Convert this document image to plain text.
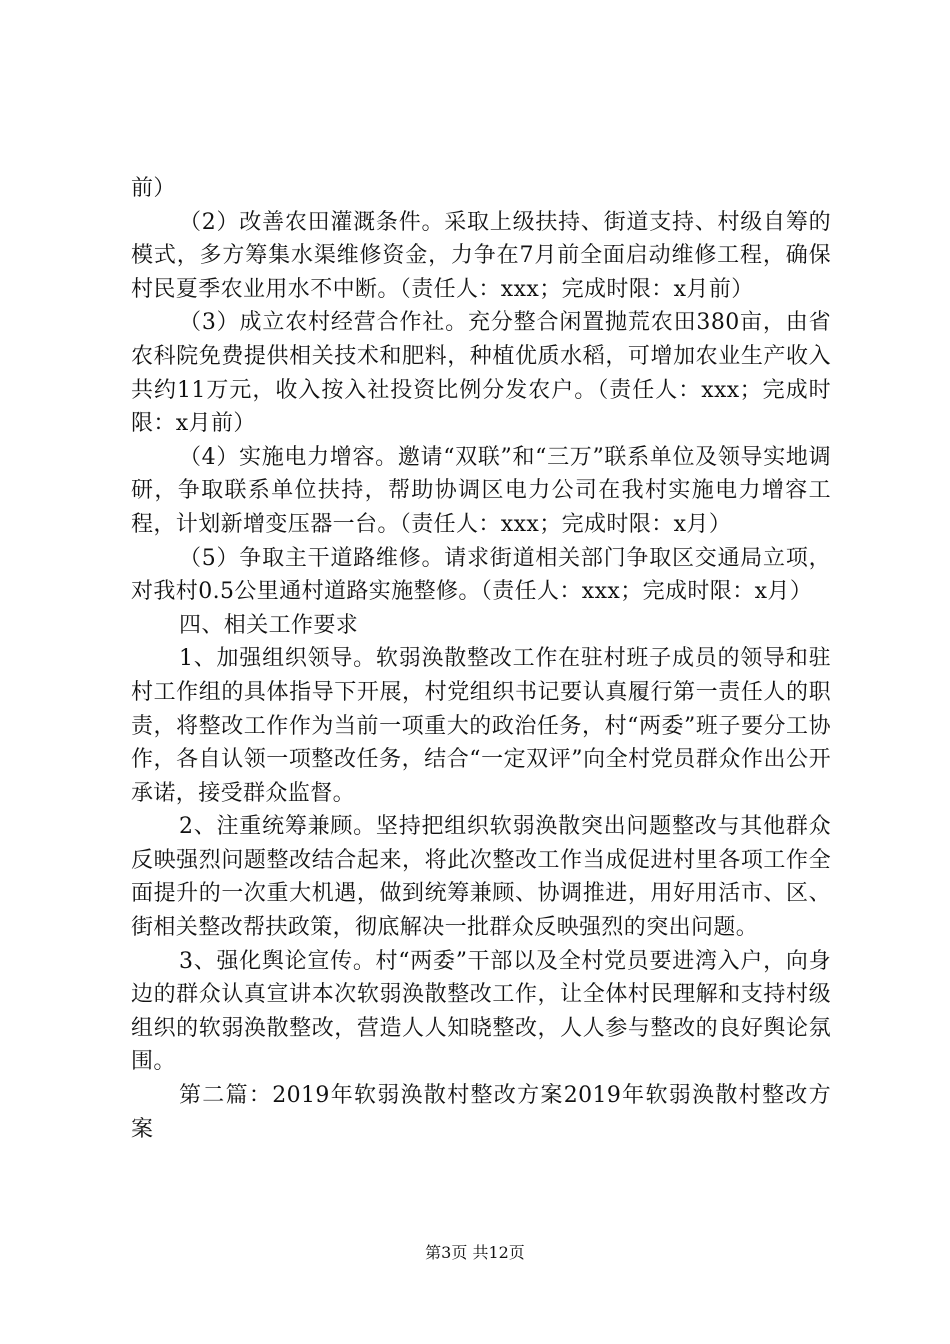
前）

（2）改善农田灌溉条件。采取上级扶持、街道支持、村级自筹的模式，多方筹集水渠维修资金，力争在7月前全面启动维修工程，确保村民夏季农业用水不中断。（责任人：xxx；完成时限：x月前）

（3）成立农村经营合作社。充分整合闲置抛荒农田380亩，由省农科院免费提供相关技术和肥料，种植优质水稻，可增加农业生产收入共约11万元，收入按入社投资比例分发农户。（责任人：xxx；完成时限：x月前）

（4）实施电力增容。邀请“双联”和“三万”联系单位及领导实地调研，争取联系单位扶持，帮助协调区电力公司在我村实施电力增容工程，计划新增变压器一台。（责任人：xxx；完成时限：x月）

（5）争取主干道路维修。请求街道相关部门争取区交通局立项，对我村0.5公里通村道路实施整修。（责任人：xxx；完成时限：x月）

四、相关工作要求

1、加强组织领导。软弱涣散整改工作在驻村班子成员的领导和驻村工作组的具体指导下开展，村党组织书记要认真履行第一责任人的职责，将整改工作作为当前一项重大的政治任务，村“两委”班子要分工协作，各自认领一项整改任务，结合“一定双评”向全村党员群众作出公开承诺，接受群众监督。

2、注重统筹兼顾。坚持把组织软弱涣散突出问题整改与其他群众反映强烈问题整改结合起来，将此次整改工作当成促进村里各项工作全面提升的一次重大机遇，做到统筹兼顾、协调推进，用好用活市、区、街相关整改帮扶政策，彻底解决一批群众反映强烈的突出问题。

3、强化舆论宣传。村“两委”干部以及全村党员要进湾入户，向身边的群众认真宣讲本次软弱涣散整改工作，让全体村民理解和支持村级组织的软弱涣散整改，营造人人知晓整改，人人参与整改的良好舆论氛围。

第二篇：2019年软弱涣散村整改方案2019年软弱涣散村整改方案

第3页 共12页
